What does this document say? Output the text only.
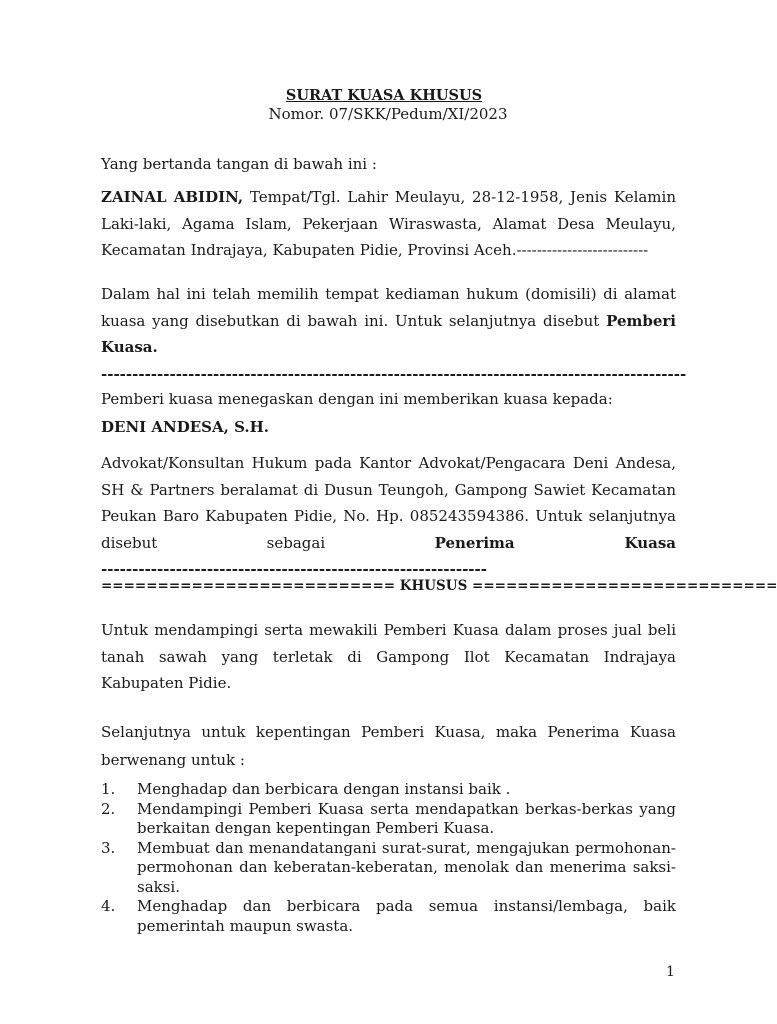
SURAT KUASA KHUSUS
Nomor. 07/SKK/Pedum/XI/2023
Yang bertanda tangan di bawah ini :
ZAINAL ABIDIN, Tempat/Tgl. Lahir Meulayu, 28-12-1958, Jenis Kelamin Laki-laki, Agama Islam, Pekerjaan Wiraswasta, Alamat Desa Meulayu, Kecamatan Indrajaya, Kabupaten Pidie, Provinsi Aceh.--------------------------
Dalam hal ini telah memilih tempat kediaman hukum (domisili) di alamat kuasa yang disebutkan di bawah ini. Untuk selanjutnya disebut Pemberi Kuasa.----------------------------------------------------------------------------------------------
Pemberi kuasa menegaskan dengan ini memberikan kuasa kepada:
DENI ANDESA, S.H.
Advokat/Konsultan Hukum pada Kantor Advokat/Pengacara Deni Andesa, SH & Partners beralamat di Dusun Teungoh, Gampong Sawiet Kecamatan Peukan Baro Kabupaten Pidie, No. Hp. 085243594386. Untuk selanjutnya disebut sebagai Penerima Kuasa--------------------------------------------------------------
========================== KHUSUS ===========================
Untuk mendampingi serta mewakili Pemberi Kuasa dalam proses jual beli tanah sawah yang terletak di Gampong Ilot Kecamatan Indrajaya Kabupaten Pidie.
Selanjutnya untuk kepentingan Pemberi Kuasa, maka Penerima Kuasa berwenang untuk :
1. Menghadap dan berbicara dengan instansi baik .
2. Mendampingi Pemberi Kuasa serta mendapatkan berkas-berkas yang berkaitan dengan kepentingan Pemberi Kuasa.
3. Membuat dan menandatangani surat-surat, mengajukan permohonan-permohonan dan keberatan-keberatan, menolak dan menerima saksi-saksi.
4. Menghadap dan berbicara pada semua instansi/lembaga, baik pemerintah maupun swasta.
1
